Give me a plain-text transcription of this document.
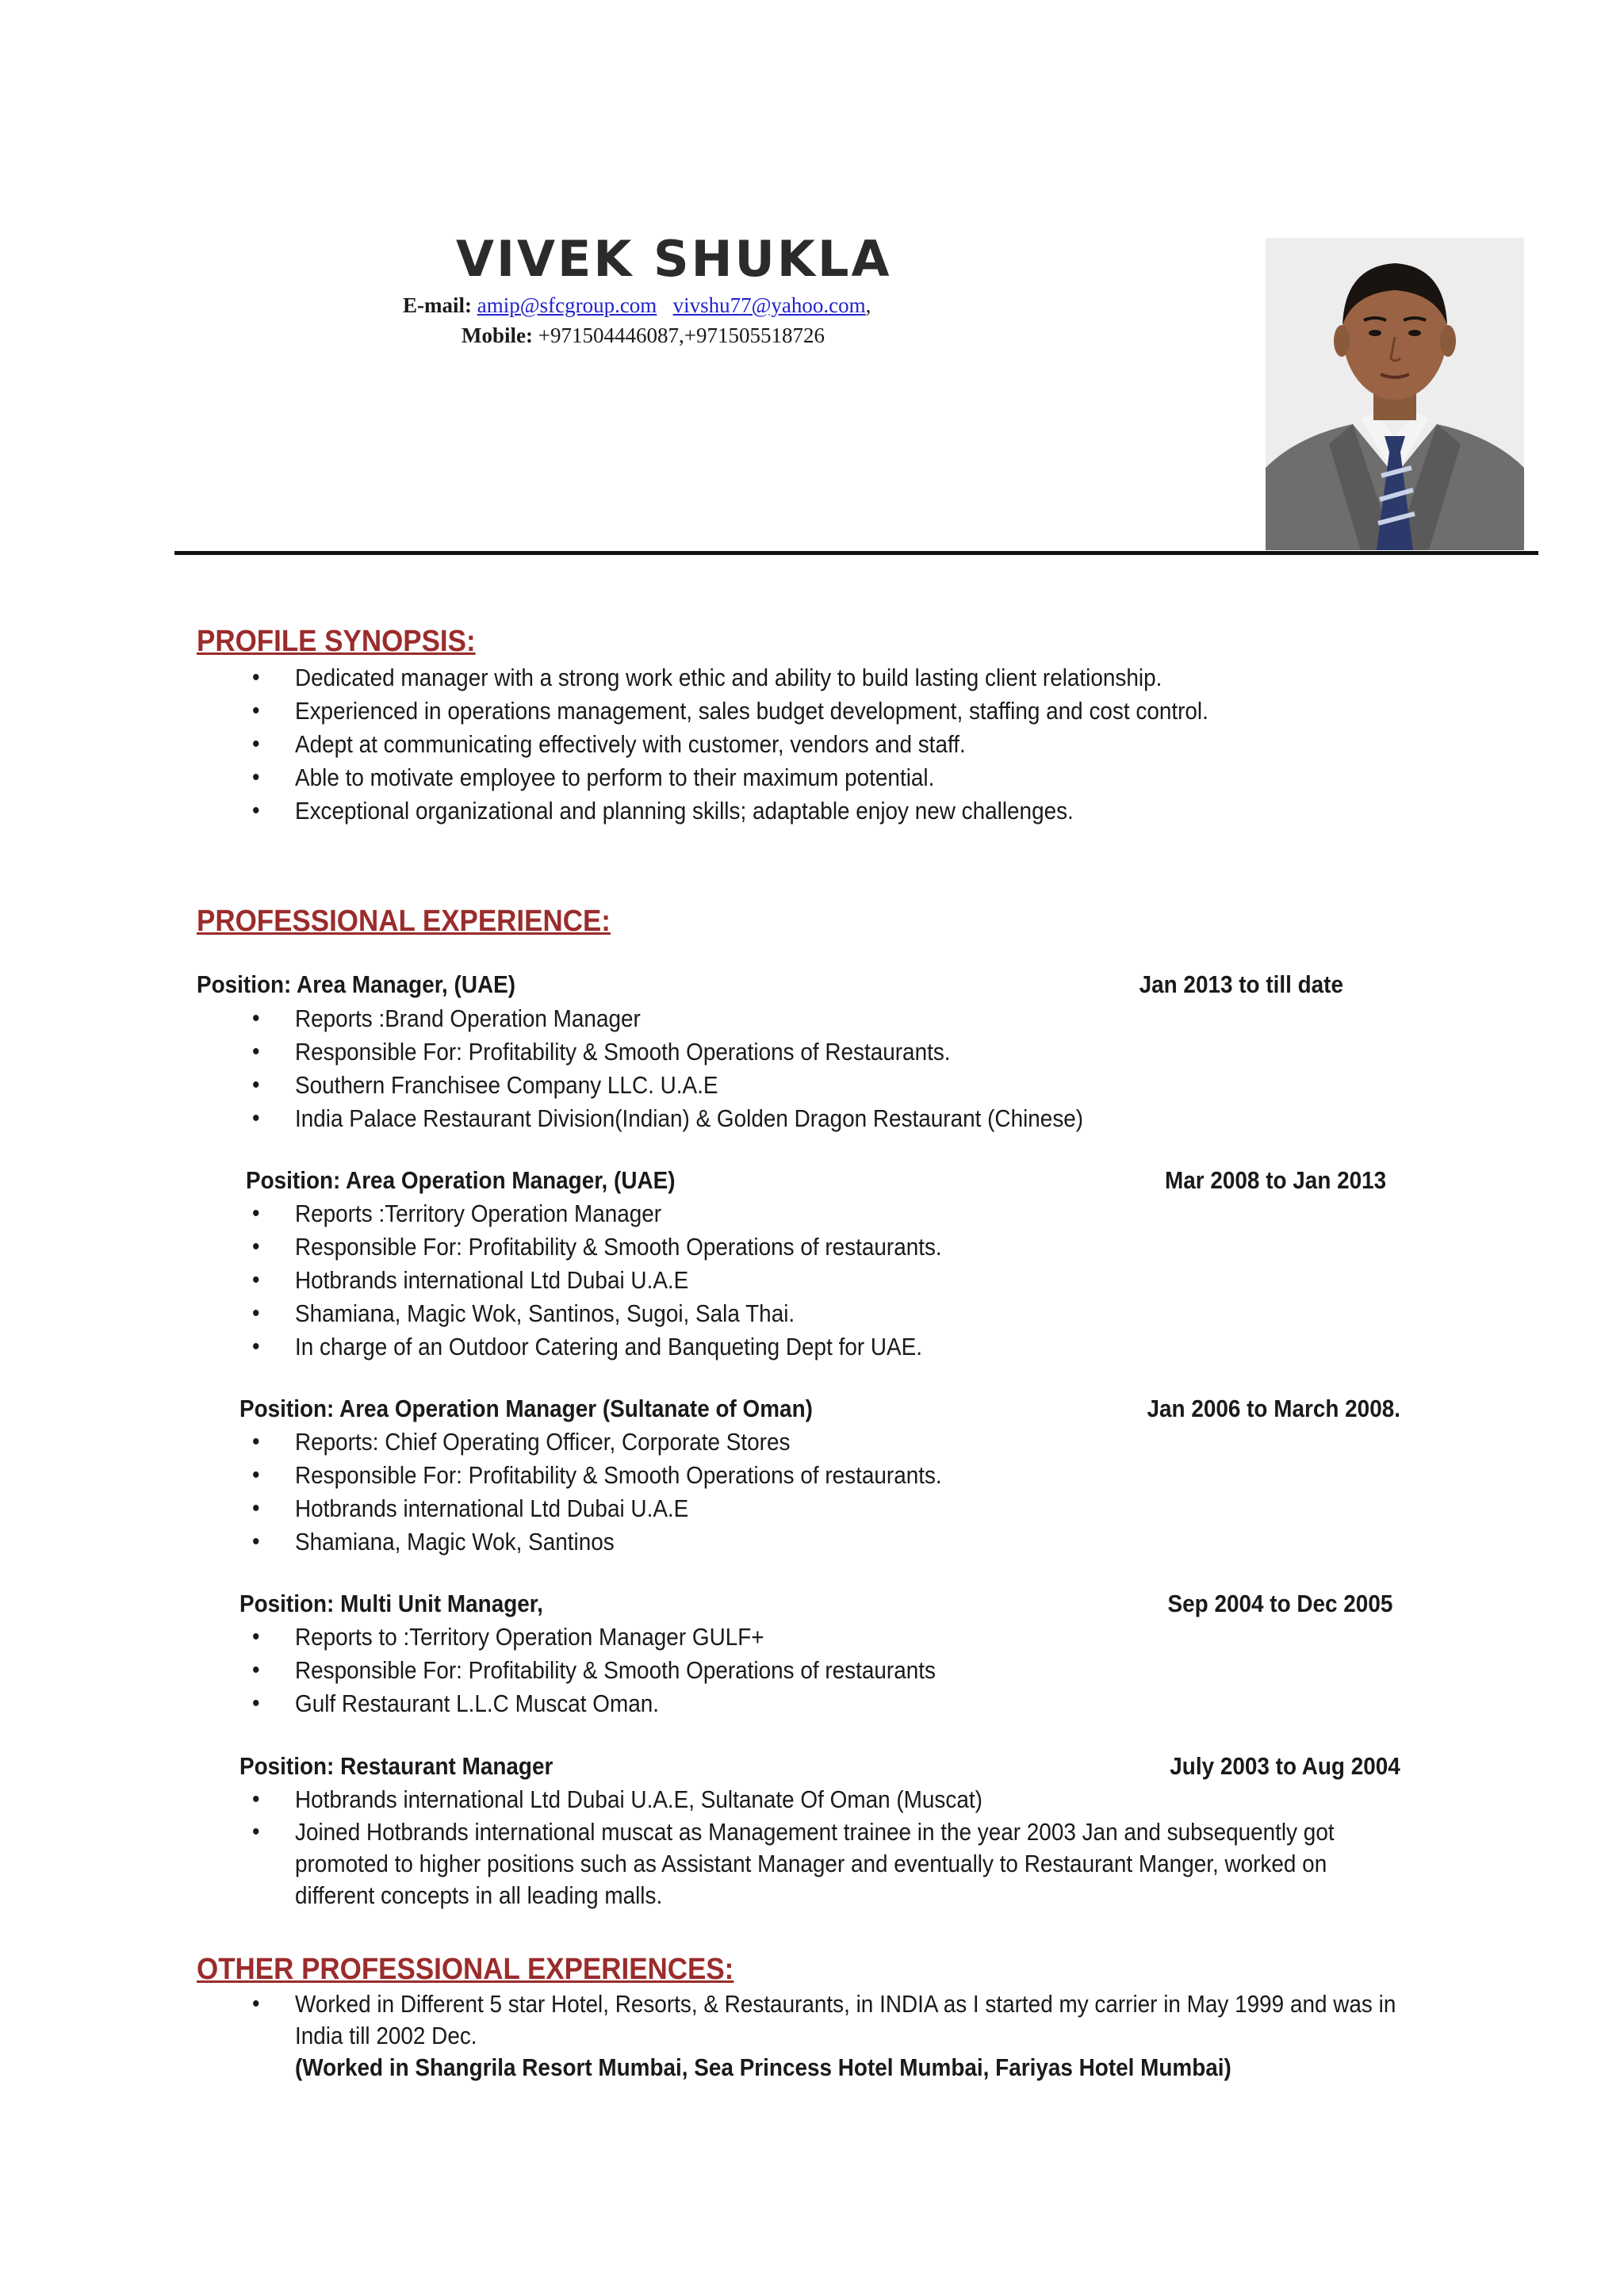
VIVEK SHUKLA
E-mail: amip@sfcgroup.com vivshu77@yahoo.com,
Mobile: +971504446087,+971505518726
PROFILE SYNOPSIS:
• Dedicated manager with a strong work ethic and ability to build lasting client relationship.
• Experienced in operations management, sales budget development, staffing and cost control.
• Adept at communicating effectively with customer, vendors and staff.
• Able to motivate employee to perform to their maximum potential.
• Exceptional organizational and planning skills; adaptable enjoy new challenges.
PROFESSIONAL EXPERIENCE:
Position: Area Manager, (UAE)	Jan 2013 to till date
• Reports :Brand Operation Manager
• Responsible For: Profitability & Smooth Operations of Restaurants.
• Southern Franchisee Company LLC. U.A.E
• India Palace Restaurant Division(Indian) & Golden Dragon Restaurant (Chinese)
Position: Area Operation Manager, (UAE)	Mar 2008 to Jan 2013
• Reports :Territory Operation Manager
• Responsible For: Profitability & Smooth Operations of restaurants.
• Hotbrands international Ltd Dubai U.A.E
• Shamiana, Magic Wok, Santinos, Sugoi, Sala Thai.
• In charge of an Outdoor Catering and Banqueting Dept for UAE.
Position: Area Operation Manager (Sultanate of Oman)	Jan 2006 to March 2008.
• Reports: Chief Operating Officer, Corporate Stores
• Responsible For: Profitability & Smooth Operations of restaurants.
• Hotbrands international Ltd Dubai U.A.E
• Shamiana, Magic Wok, Santinos
Position: Multi Unit Manager,	Sep 2004 to Dec 2005
• Reports to :Territory Operation Manager GULF+
• Responsible For: Profitability & Smooth Operations of restaurants
• Gulf Restaurant L.L.C Muscat Oman.
Position: Restaurant Manager	July 2003 to Aug 2004
• Hotbrands international Ltd Dubai U.A.E, Sultanate Of Oman (Muscat)
• Joined Hotbrands international muscat as Management trainee in the year 2003 Jan and subsequently got promoted to higher positions such as Assistant Manager and eventually to Restaurant Manger, worked on different concepts in all leading malls.
OTHER PROFESSIONAL EXPERIENCES:
• Worked in Different 5 star Hotel, Resorts, & Restaurants, in INDIA as I started my carrier in May 1999 and was in India till 2002 Dec.
(Worked in Shangrila Resort Mumbai, Sea Princess Hotel Mumbai, Fariyas Hotel Mumbai)
